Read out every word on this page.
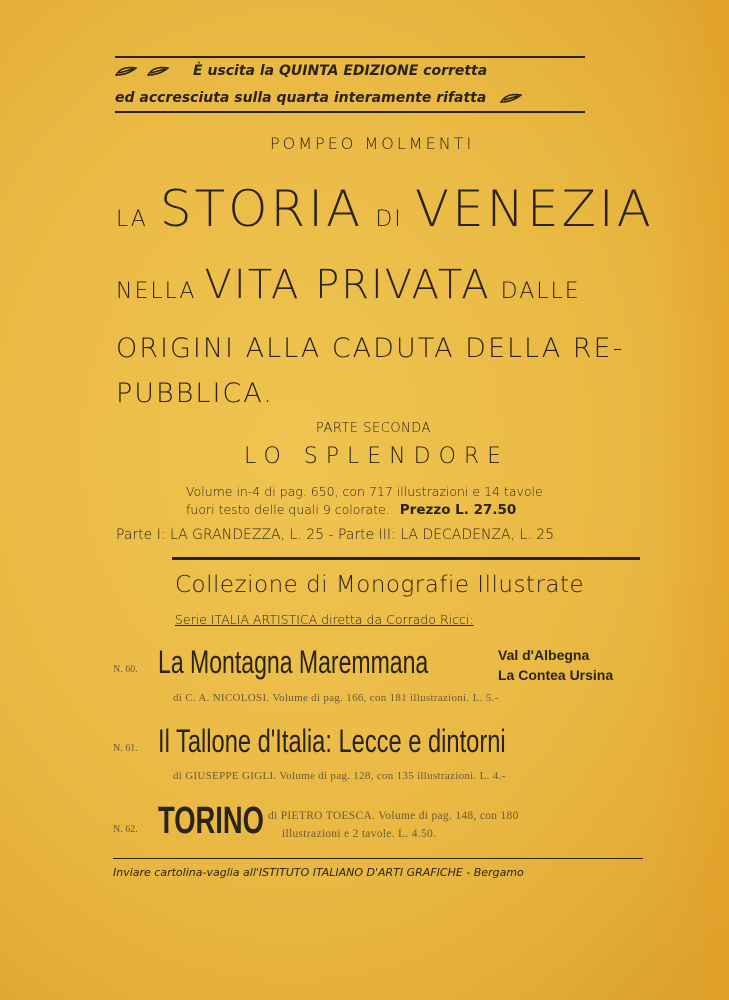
È uscita la QUINTA EDIZIONE corretta
ed accresciuta sulla quarta interamente rifatta
POMPEO MOLMENTI
LA STORIA DI VENEZIA
NELLA VITA PRIVATA DALLE
ORIGINI ALLA CADUTA DELLA RE-
PUBBLICA.
PARTE SECONDA
LO SPLENDORE
Volume in-4 di pag. 650, con 717 illustrazioni e 14 tavole
fuori testo delle quali 9 colorate. Prezzo L. 27.50
Parte I: LA GRANDEZZA, L. 25 - Parte III: LA DECADENZA, L. 25
Collezione di Monografie Illustrate
Serie ITALIA ARTISTICA diretta da Corrado Ricci:
N. 60. La Montagna Maremmana	Val d'Albegna
La Contea Ursina
di C. A. NICOLOSI. Volume di pag. 166, con 181 illustrazioni. L. 5.-
N. 61. Il Tallone d'Italia: Lecce e dintorni
di GIUSEPPE GIGLI. Volume di pag. 128, con 135 illustrazioni. L. 4.-
N. 62. TORINO di PIETRO TOESCA. Volume di pag. 148, con 180
illustrazioni e 2 tavole. L. 4.50.
Inviare cartolina-vaglia all'ISTITUTO ITALIANO D'ARTI GRAFICHE - Bergamo
